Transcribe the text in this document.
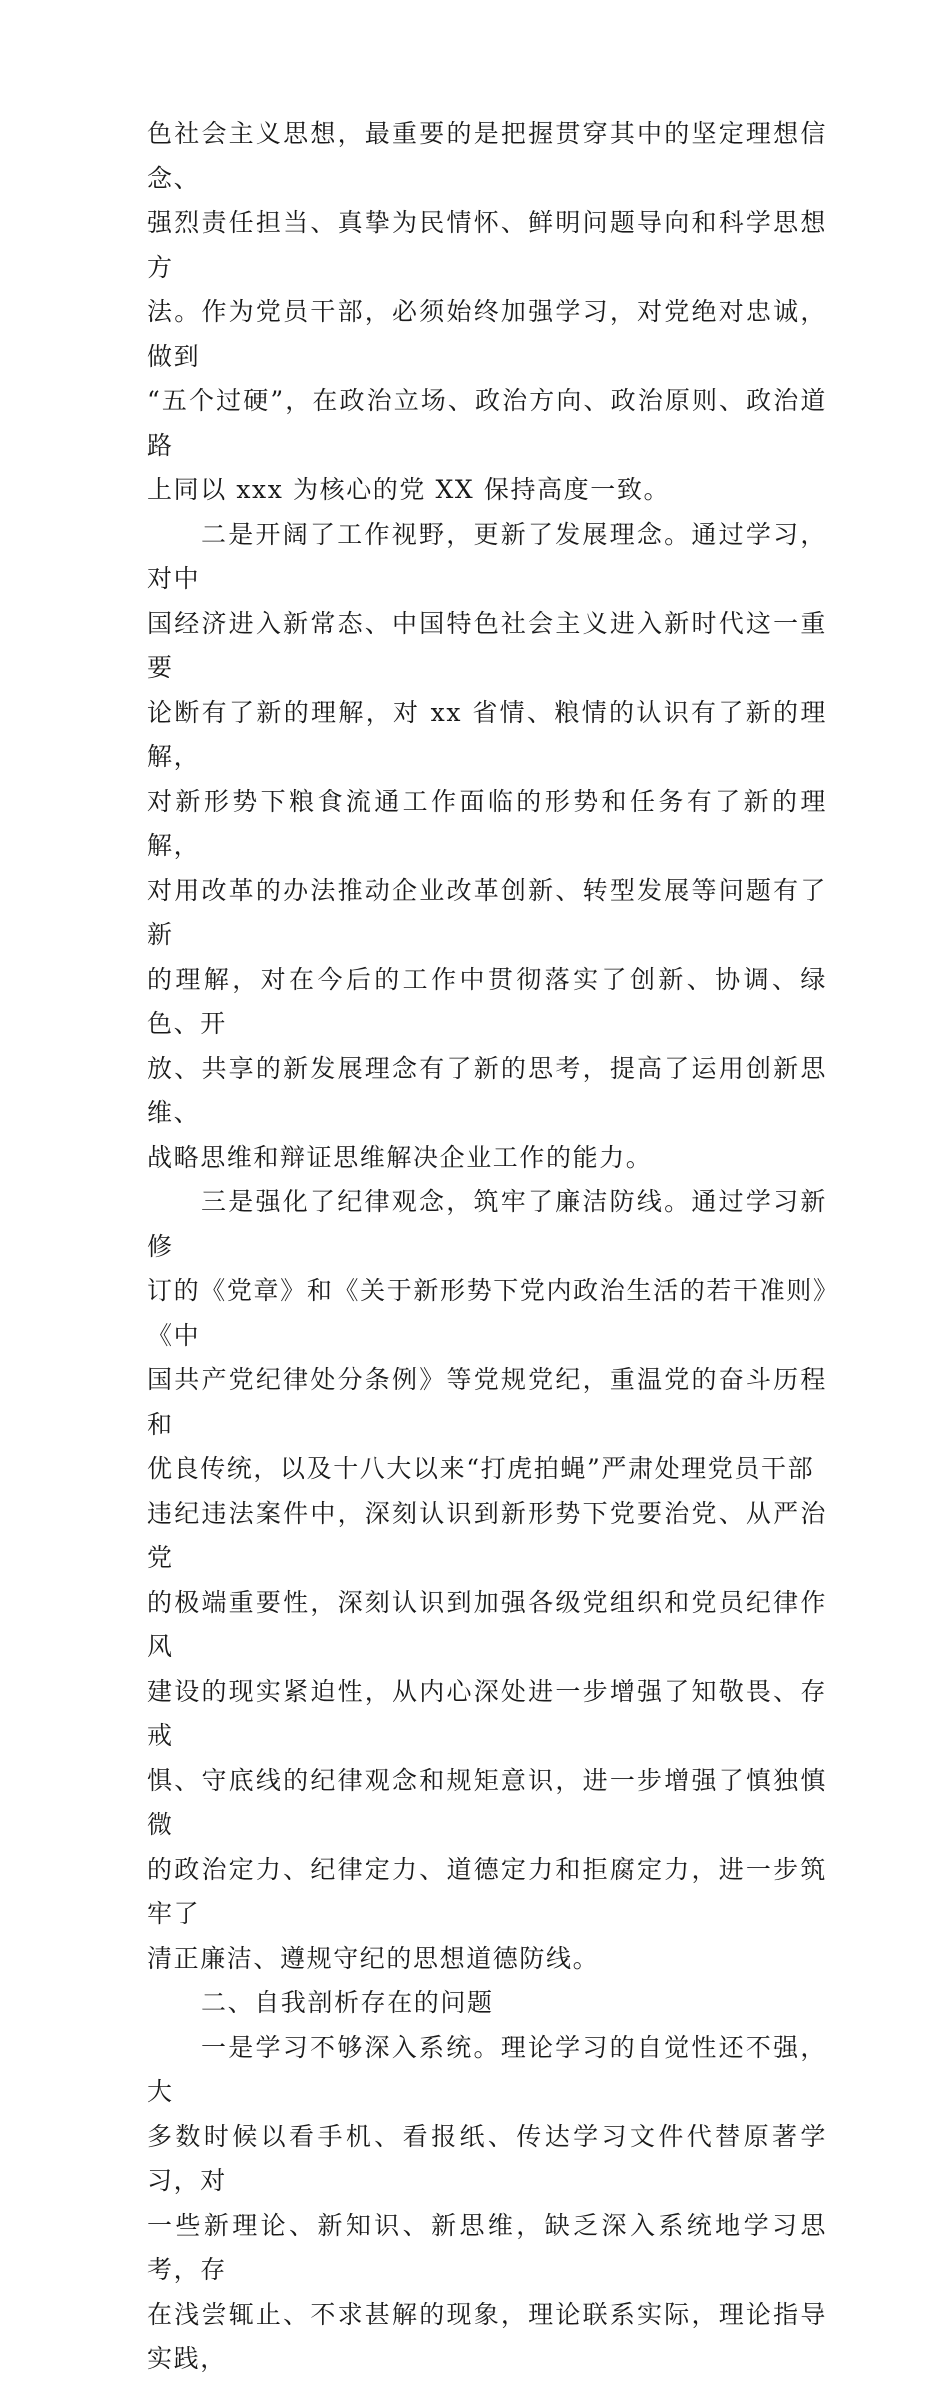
色社会主义思想，最重要的是把握贯穿其中的坚定理想信念、
强烈责任担当、真挚为民情怀、鲜明问题导向和科学思想方
法。作为党员干部，必须始终加强学习，对党绝对忠诚，做到
“五个过硬”，在政治立场、政治方向、政治原则、政治道路
上同以 xxx 为核心的党 XX 保持高度一致。

二是开阔了工作视野，更新了发展理念。通过学习，对中
国经济进入新常态、中国特色社会主义进入新时代这一重要
论断有了新的理解，对 xx 省情、粮情的认识有了新的理解，
对新形势下粮食流通工作面临的形势和任务有了新的理解，
对用改革的办法推动企业改革创新、转型发展等问题有了新
的理解，对在今后的工作中贯彻落实了创新、协调、绿色、开
放、共享的新发展理念有了新的思考，提高了运用创新思维、
战略思维和辩证思维解决企业工作的能力。

三是强化了纪律观念，筑牢了廉洁防线。通过学习新修
订的《党章》和《关于新形势下党内政治生活的若干准则》《中
国共产党纪律处分条例》等党规党纪，重温党的奋斗历程和
优良传统，以及十八大以来“打虎拍蝇”严肃处理党员干部
违纪违法案件中，深刻认识到新形势下党要治党、从严治党
的极端重要性，深刻认识到加强各级党组织和党员纪律作风
建设的现实紧迫性，从内心深处进一步增强了知敬畏、存戒
惧、守底线的纪律观念和规矩意识，进一步增强了慎独慎微
的政治定力、纪律定力、道德定力和拒腐定力，进一步筑牢了
清正廉洁、遵规守纪的思想道德防线。

二、自我剖析存在的问题

一是学习不够深入系统。理论学习的自觉性还不强，大
多数时候以看手机、看报纸、传达学习文件代替原著学习，对
一些新理论、新知识、新思维，缺乏深入系统地学习思考，存
在浅尝辄止、不求甚解的现象，理论联系实际，理论指导实践，
